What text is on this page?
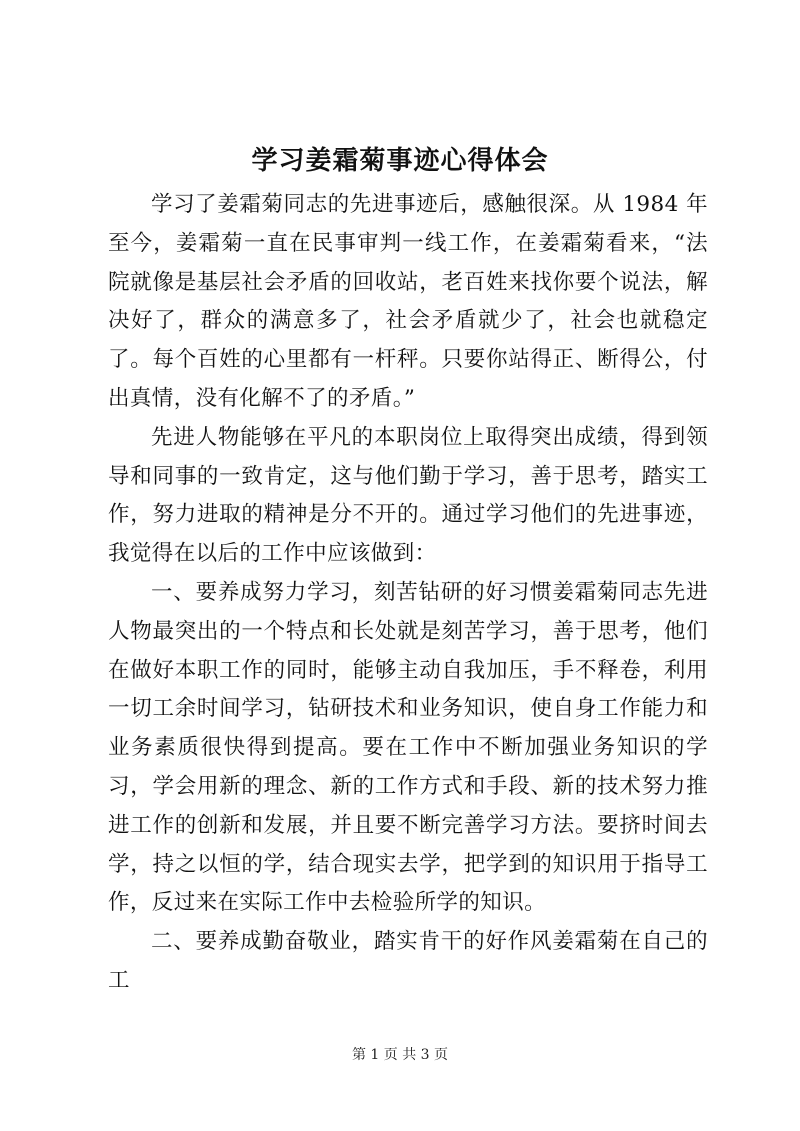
学习姜霜菊事迹心得体会

学习了姜霜菊同志的先进事迹后，感触很深。从 1984 年至今，姜霜菊一直在民事审判一线工作，在姜霜菊看来，“法院就像是基层社会矛盾的回收站，老百姓来找你要个说法，解决好了，群众的满意多了，社会矛盾就少了，社会也就稳定了。每个百姓的心里都有一杆秤。只要你站得正、断得公，付出真情，没有化解不了的矛盾。”

先进人物能够在平凡的本职岗位上取得突出成绩，得到领导和同事的一致肯定，这与他们勤于学习，善于思考，踏实工作，努力进取的精神是分不开的。通过学习他们的先进事迹，我觉得在以后的工作中应该做到：

一、要养成努力学习，刻苦钻研的好习惯姜霜菊同志先进人物最突出的一个特点和长处就是刻苦学习，善于思考，他们在做好本职工作的同时，能够主动自我加压，手不释卷，利用一切工余时间学习，钻研技术和业务知识，使自身工作能力和业务素质很快得到提高。要在工作中不断加强业务知识的学习，学会用新的理念、新的工作方式和手段、新的技术努力推进工作的创新和发展，并且要不断完善学习方法。要挤时间去学，持之以恒的学，结合现实去学，把学到的知识用于指导工作，反过来在实际工作中去检验所学的知识。

二、要养成勤奋敬业，踏实肯干的好作风姜霜菊在自己的工

第 1 页 共 3 页
